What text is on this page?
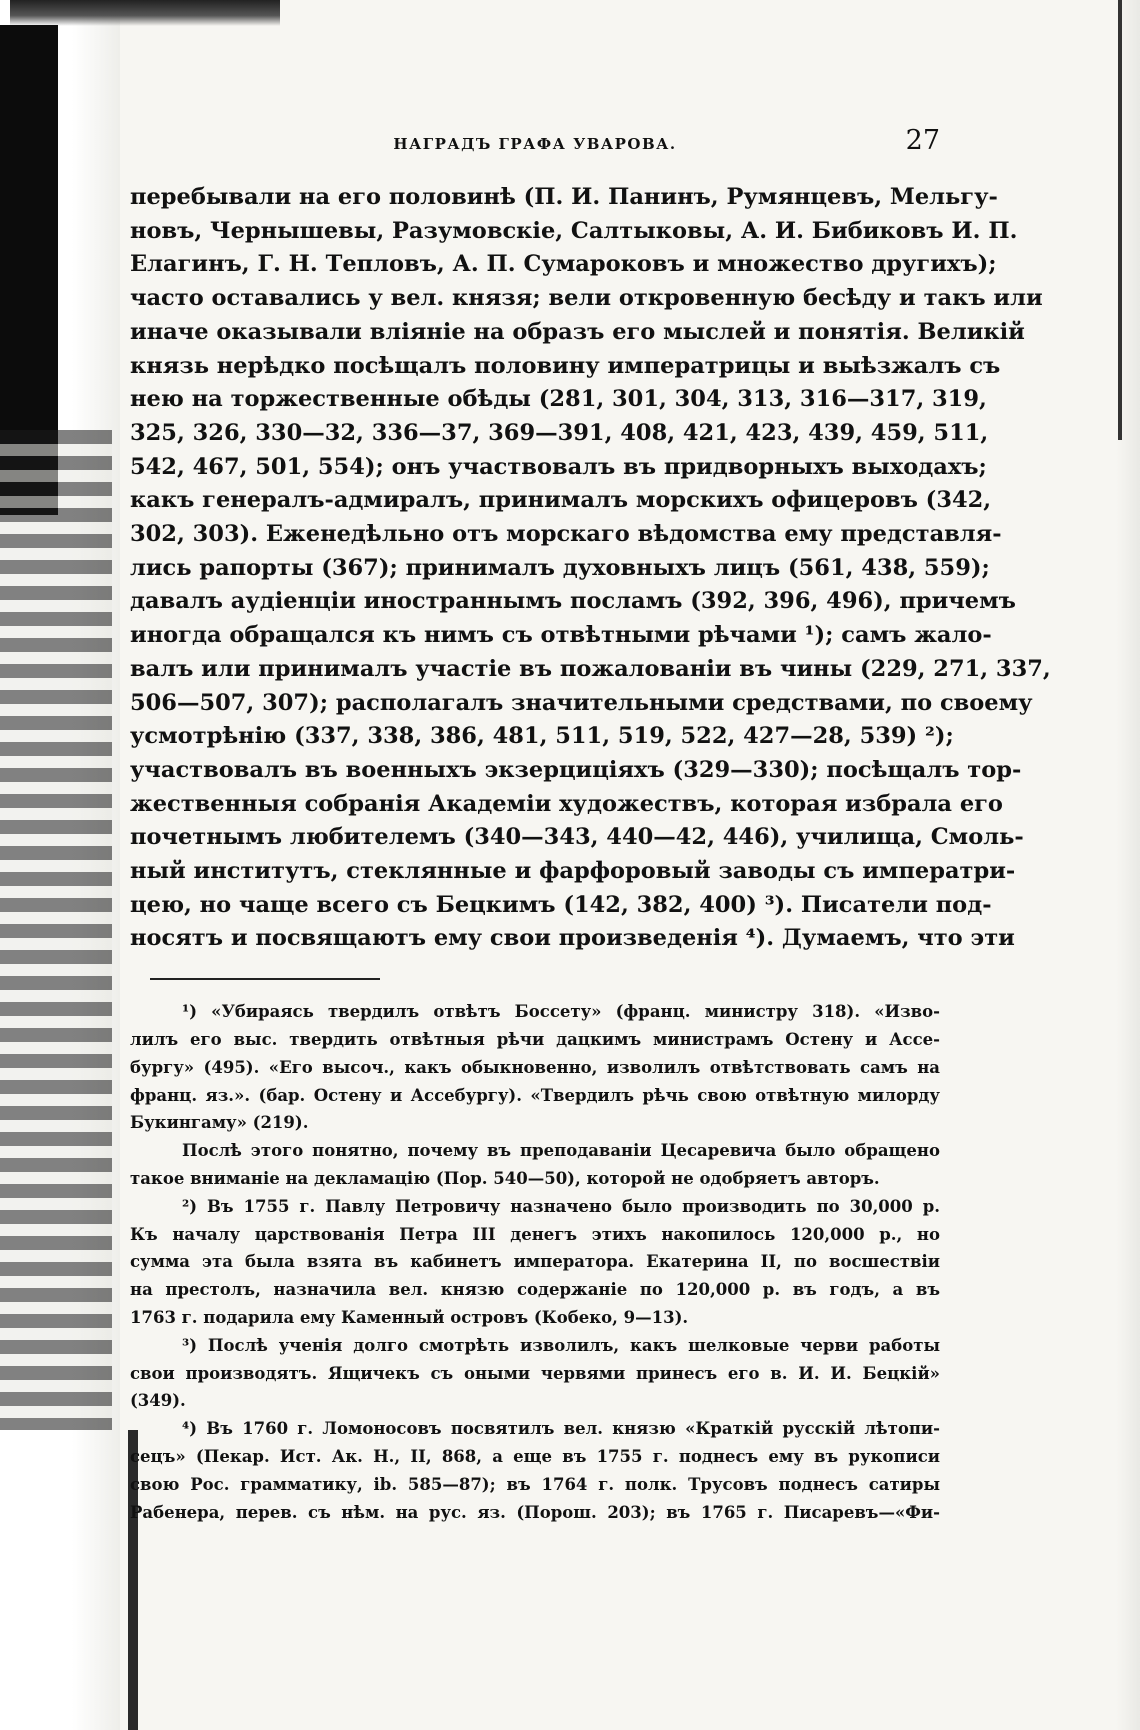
НАГРАДЪ ГРАФА УВАРОВА.	27
перебывали на его половинѣ (П. И. Панинъ, Румянцевъ, Мельгу-
новъ, Чернышевы, Разумовскіе, Салтыковы, А. И. Бибиковъ И. П.
Елагинъ, Г. Н. Тепловъ, А. П. Сумароковъ и множество другихъ);
часто оставались у вел. князя; вели откровенную бесѣду и такъ или
иначе оказывали вліяніе на образъ его мыслей и понятія. Великій
князь нерѣдко посѣщалъ половину императрицы и выѣзжалъ съ
нею на торжественные обѣды (281, 301, 304, 313, 316—317, 319,
325, 326, 330—32, 336—37, 369—391, 408, 421, 423, 439, 459, 511,
542, 467, 501, 554); онъ участвовалъ въ придворныхъ выходахъ;
какъ генералъ-адмиралъ, принималъ морскихъ офицеровъ (342,
302, 303). Еженедѣльно отъ морскаго вѣдомства ему представля-
лись рапорты (367); принималъ духовныхъ лицъ (561, 438, 559);
давалъ аудіенціи иностраннымъ посламъ (392, 396, 496), причемъ
иногда обращался къ нимъ съ отвѣтными рѣчами ¹); самъ жало-
валъ или принималъ участіе въ пожалованіи въ чины (229, 271, 337,
506—507, 307); располагалъ значительными средствами, по своему
усмотрѣнію (337, 338, 386, 481, 511, 519, 522, 427—28, 539) ²);
участвовалъ въ военныхъ экзерциціяхъ (329—330); посѣщалъ тор-
жественныя собранія Академіи художествъ, которая избрала его
почетнымъ любителемъ (340—343, 440—42, 446), училища, Смоль-
ный институтъ, стеклянные и фарфоровый заводы съ императри-
цею, но чаще всего съ Бецкимъ (142, 382, 400) ³). Писатели под-
носятъ и посвящаютъ ему свои произведенія ⁴). Думаемъ, что эти
¹) «Убираясь твердилъ отвѣтъ Боссету» (франц. министру 318). «Изво-
лилъ его выс. твердить отвѣтныя рѣчи дацкимъ министрамъ Остену и Ассе-
бургу» (495). «Его высоч., какъ обыкновенно, изволилъ отвѣтствовать самъ на
франц. яз.». (бар. Остену и Ассебургу). «Твердилъ рѣчь свою отвѣтную милорду
Букингаму» (219).
Послѣ этого понятно, почему въ преподаваніи Цесаревича было обращено
такое вниманіе на декламацію (Пор. 540—50), которой не одобряетъ авторъ.
²) Въ 1755 г. Павлу Петровичу назначено было производить по 30,000 р.
Къ началу царствованія Петра III денегъ этихъ накопилось 120,000 р., но
сумма эта была взята въ кабинетъ императора. Екатерина II, по восшествіи
на престолъ, назначила вел. князю содержаніе по 120,000 р. въ годъ, а въ
1763 г. подарила ему Каменный островъ (Кобеко, 9—13).
³) Послѣ ученія долго смотрѣть изволилъ, какъ шелковые черви работы
свои производятъ. Ящичекъ съ оными червями принесъ его в. И. И. Бецкій»
(349).
⁴) Въ 1760 г. Ломоносовъ посвятилъ вел. князю «Краткій русскій лѣтопи-
сецъ» (Пекар. Ист. Ак. Н., II, 868, а еще въ 1755 г. поднесъ ему въ рукописи
свою Рос. грамматику, ib. 585—87); въ 1764 г. полк. Трусовъ поднесъ сатиры
Рабенера, перев. съ нѣм. на рус. яз. (Порош. 203); въ 1765 г. Писаревъ—«Фи-
